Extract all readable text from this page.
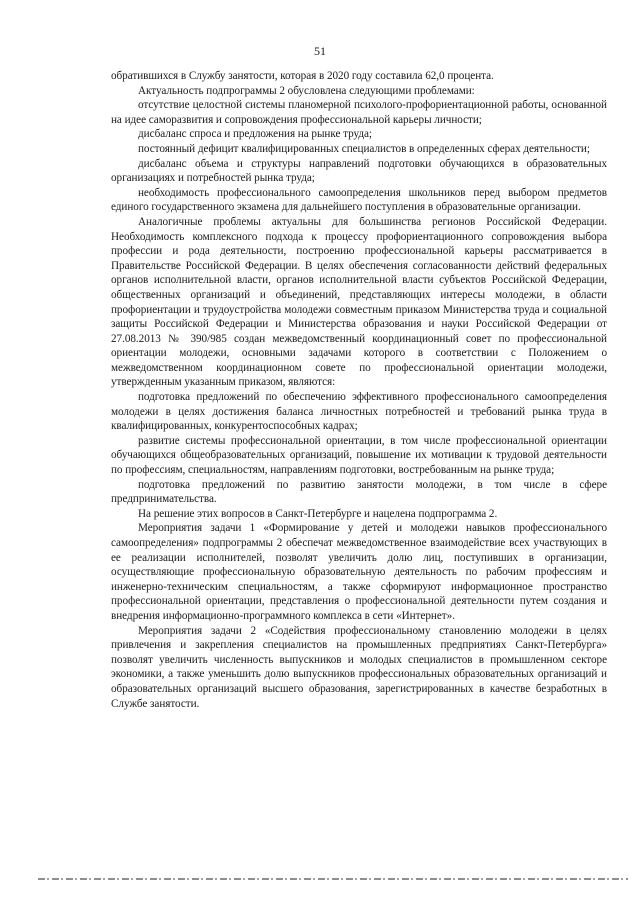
51

обратившихся в Службу занятости, которая в 2020 году составила 62,0 процента.

Актуальность подпрограммы 2 обусловлена следующими проблемами:

отсутствие целостной системы планомерной психолого-профориентационной работы, основанной на идее саморазвития и сопровождения профессиональной карьеры личности;

дисбаланс спроса и предложения на рынке труда;

постоянный дефицит квалифицированных специалистов в определенных сферах деятельности;

дисбаланс объема и структуры направлений подготовки обучающихся в образовательных организациях и потребностей рынка труда;

необходимость профессионального самоопределения школьников перед выбором предметов единого государственного экзамена для дальнейшего поступления в образовательные организации.

Аналогичные проблемы актуальны для большинства регионов Российской Федерации. Необходимость комплексного подхода к процессу профориентационного сопровождения выбора профессии и рода деятельности, построению профессиональной карьеры рассматривается в Правительстве Российской Федерации. В целях обеспечения согласованности действий федеральных органов исполнительной власти, органов исполнительной власти субъектов Российской Федерации, общественных организаций и объединений, представляющих интересы молодежи, в области профориентации и трудоустройства молодежи совместным приказом Министерства труда и социальной защиты Российской Федерации и Министерства образования и науки Российской Федерации от 27.08.2013 № 390/985 создан межведомственный координационный совет по профессиональной ориентации молодежи, основными задачами которого в соответствии с Положением о межведомственном координационном совете по профессиональной ориентации молодежи, утвержденным указанным приказом, являются:

подготовка предложений по обеспечению эффективного профессионального самоопределения молодежи в целях достижения баланса личностных потребностей и требований рынка труда в квалифицированных, конкурентоспособных кадрах;

развитие системы профессиональной ориентации, в том числе профессиональной ориентации обучающихся общеобразовательных организаций, повышение их мотивации к трудовой деятельности по профессиям, специальностям, направлениям подготовки, востребованным на рынке труда;

подготовка предложений по развитию занятости молодежи, в том числе в сфере предпринимательства.

На решение этих вопросов в Санкт-Петербурге и нацелена подпрограмма 2.

Мероприятия задачи 1 «Формирование у детей и молодежи навыков профессионального самоопределения» подпрограммы 2 обеспечат межведомственное взаимодействие всех участвующих в ее реализации исполнителей, позволят увеличить долю лиц, поступивших в организации, осуществляющие профессиональную образовательную деятельность по рабочим профессиям и инженерно-техническим специальностям, а также сформируют информационное пространство профессиональной ориентации, представления о профессиональной деятельности путем создания и внедрения информационно-программного комплекса в сети «Интернет».

Мероприятия задачи 2 «Содействия профессиональному становлению молодежи в целях привлечения и закрепления специалистов на промышленных предприятиях Санкт-Петербурга» позволят увеличить численность выпускников и молодых специалистов в промышленном секторе экономики, а также уменьшить долю выпускников профессиональных образовательных организаций и образовательных организаций высшего образования, зарегистрированных в качестве безработных в Службе занятости.
